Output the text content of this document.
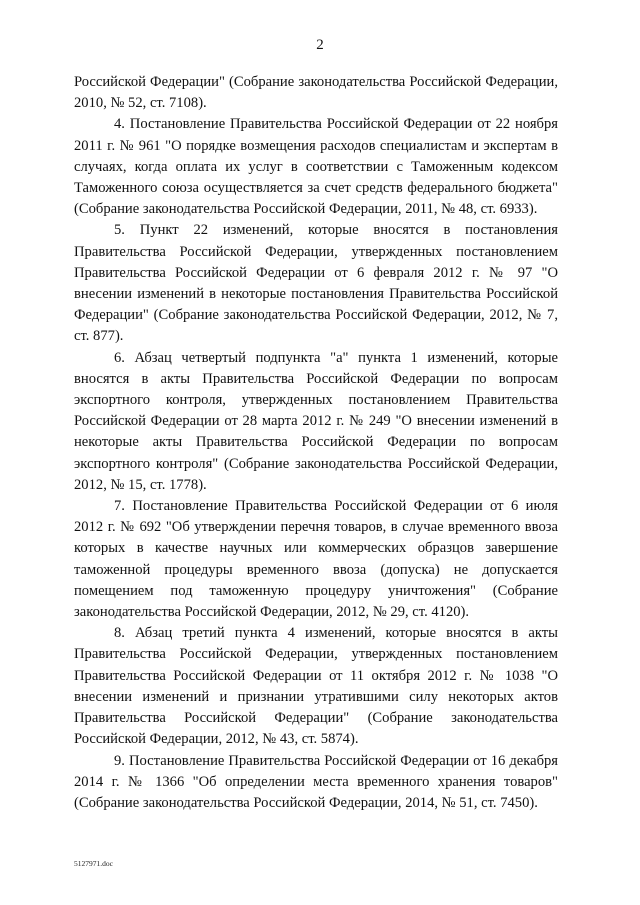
2

Российской Федерации" (Собрание законодательства Российской Федерации, 2010, № 52, ст. 7108).

4. Постановление Правительства Российской Федерации от 22 ноября 2011 г. № 961 "О порядке возмещения расходов специалистам и экспертам в случаях, когда оплата их услуг в соответствии с Таможенным кодексом Таможенного союза осуществляется за счет средств федерального бюджета" (Собрание законодательства Российской Федерации, 2011, № 48, ст. 6933).

5. Пункт 22 изменений, которые вносятся в постановления Правительства Российской Федерации, утвержденных постановлением Правительства Российской Федерации от 6 февраля 2012 г. № 97 "О внесении изменений в некоторые постановления Правительства Российской Федерации" (Собрание законодательства Российской Федерации, 2012, № 7, ст. 877).

6. Абзац четвертый подпункта "а" пункта 1 изменений, которые вносятся в акты Правительства Российской Федерации по вопросам экспортного контроля, утвержденных постановлением Правительства Российской Федерации от 28 марта 2012 г. № 249 "О внесении изменений в некоторые акты Правительства Российской Федерации по вопросам экспортного контроля" (Собрание законодательства Российской Федерации, 2012, № 15, ст. 1778).

7. Постановление Правительства Российской Федерации от 6 июля 2012 г. № 692 "Об утверждении перечня товаров, в случае временного ввоза которых в качестве научных или коммерческих образцов завершение таможенной процедуры временного ввоза (допуска) не допускается помещением под таможенную процедуру уничтожения" (Собрание законодательства Российской Федерации, 2012, № 29, ст. 4120).

8. Абзац третий пункта 4 изменений, которые вносятся в акты Правительства Российской Федерации, утвержденных постановлением Правительства Российской Федерации от 11 октября 2012 г. № 1038 "О внесении изменений и признании утратившими силу некоторых актов Правительства Российской Федерации" (Собрание законодательства Российской Федерации, 2012, № 43, ст. 5874).

9. Постановление Правительства Российской Федерации от 16 декабря 2014 г. № 1366 "Об определении места временного хранения товаров" (Собрание законодательства Российской Федерации, 2014, № 51, ст. 7450).

5127971.doc
